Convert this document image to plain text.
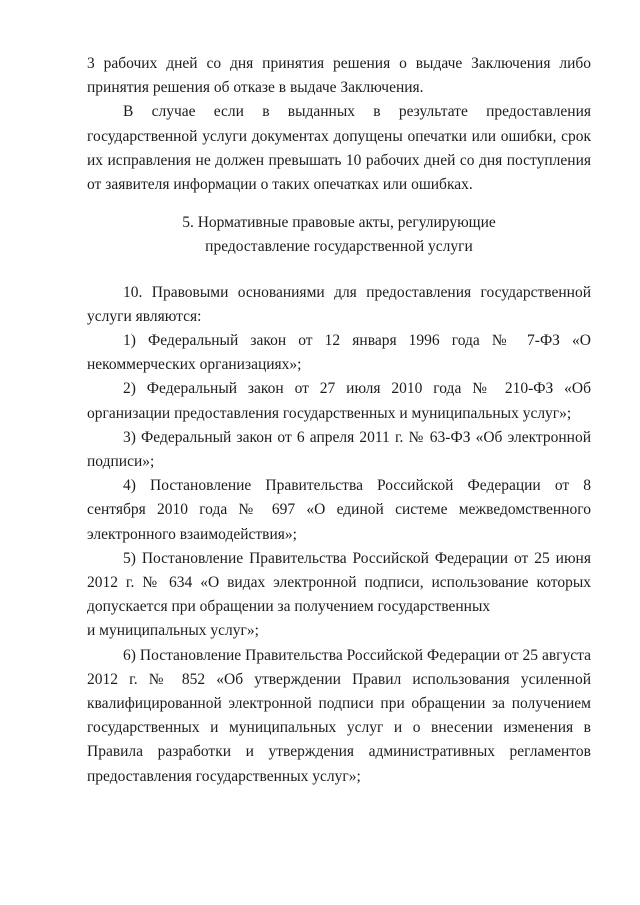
3 рабочих дней со дня принятия решения о выдаче Заключения либо принятия решения об отказе в выдаче Заключения.

В случае если в выданных в результате предоставления государственной услуги документах допущены опечатки или ошибки, срок их исправления не должен превышать 10 рабочих дней со дня поступления от заявителя информации о таких опечатках или ошибках.

5. Нормативные правовые акты, регулирующие

предоставление государственной услуги

10. Правовыми основаниями для предоставления государственной услуги являются:

1) Федеральный закон от 12 января 1996 года № 7-ФЗ «О некоммерческих организациях»;

2) Федеральный закон от 27 июля 2010 года № 210-ФЗ «Об организации предоставления государственных и муниципальных услуг»;

3) Федеральный закон от 6 апреля 2011 г. № 63-ФЗ «Об электронной подписи»;

4) Постановление Правительства Российской Федерации от 8 сентября 2010 года № 697 «О единой системе межведомственного электронного взаимодействия»;

5) Постановление Правительства Российской Федерации от 25 июня 2012 г. № 634 «О видах электронной подписи, использование которых допускается при обращении за получением государственных

и муниципальных услуг»;

6) Постановление Правительства Российской Федерации от 25 августа 2012 г. № 852 «Об утверждении Правил использования усиленной квалифицированной электронной подписи при обращении за получением государственных и муниципальных услуг и о внесении изменения в Правила разработки и утверждения административных регламентов предоставления государственных услуг»;
